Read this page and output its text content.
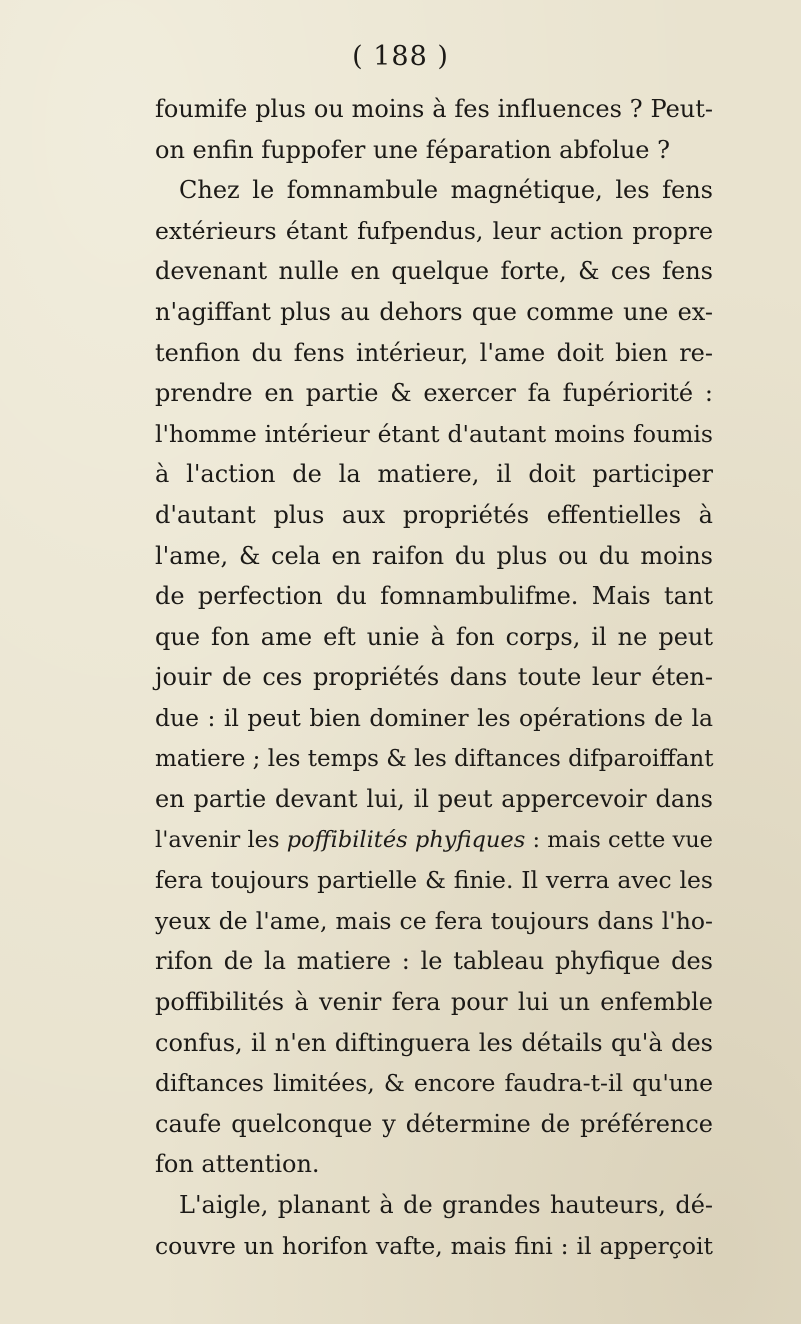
( 188 )
foumife plus ou moins à fes influences ? Peut-
on enfin fuppofer une féparation abfolue ?
Chez le fomnambule magnétique, les fens
extérieurs étant fufpendus, leur action propre
devenant nulle en quelque forte, & ces fens
n'agiffant plus au dehors que comme une ex-
tenfion du fens intérieur, l'ame doit bien re-
prendre en partie & exercer fa fupériorité :
l'homme intérieur étant d'autant moins foumis
à l'action de la matiere, il doit participer
d'autant plus aux propriétés effentielles à
l'ame, & cela en raifon du plus ou du moins
de perfection du fomnambulifme. Mais tant
que fon ame eft unie à fon corps, il ne peut
jouir de ces propriétés dans toute leur éten-
due : il peut bien dominer les opérations de la
matiere ; les temps & les diftances difparoiffant
en partie devant lui, il peut appercevoir dans
l'avenir les poffibilités phyfiques : mais cette vue
fera toujours partielle & finie. Il verra avec les
yeux de l'ame, mais ce fera toujours dans l'ho-
rifon de la matiere : le tableau phyfique des
poffibilités à venir fera pour lui un enfemble
confus, il n'en diftinguera les détails qu'à des
diftances limitées, & encore faudra-t-il qu'une
caufe quelconque y détermine de préférence
fon attention.
L'aigle, planant à de grandes hauteurs, dé-
couvre un horifon vafte, mais fini : il apperçoit
